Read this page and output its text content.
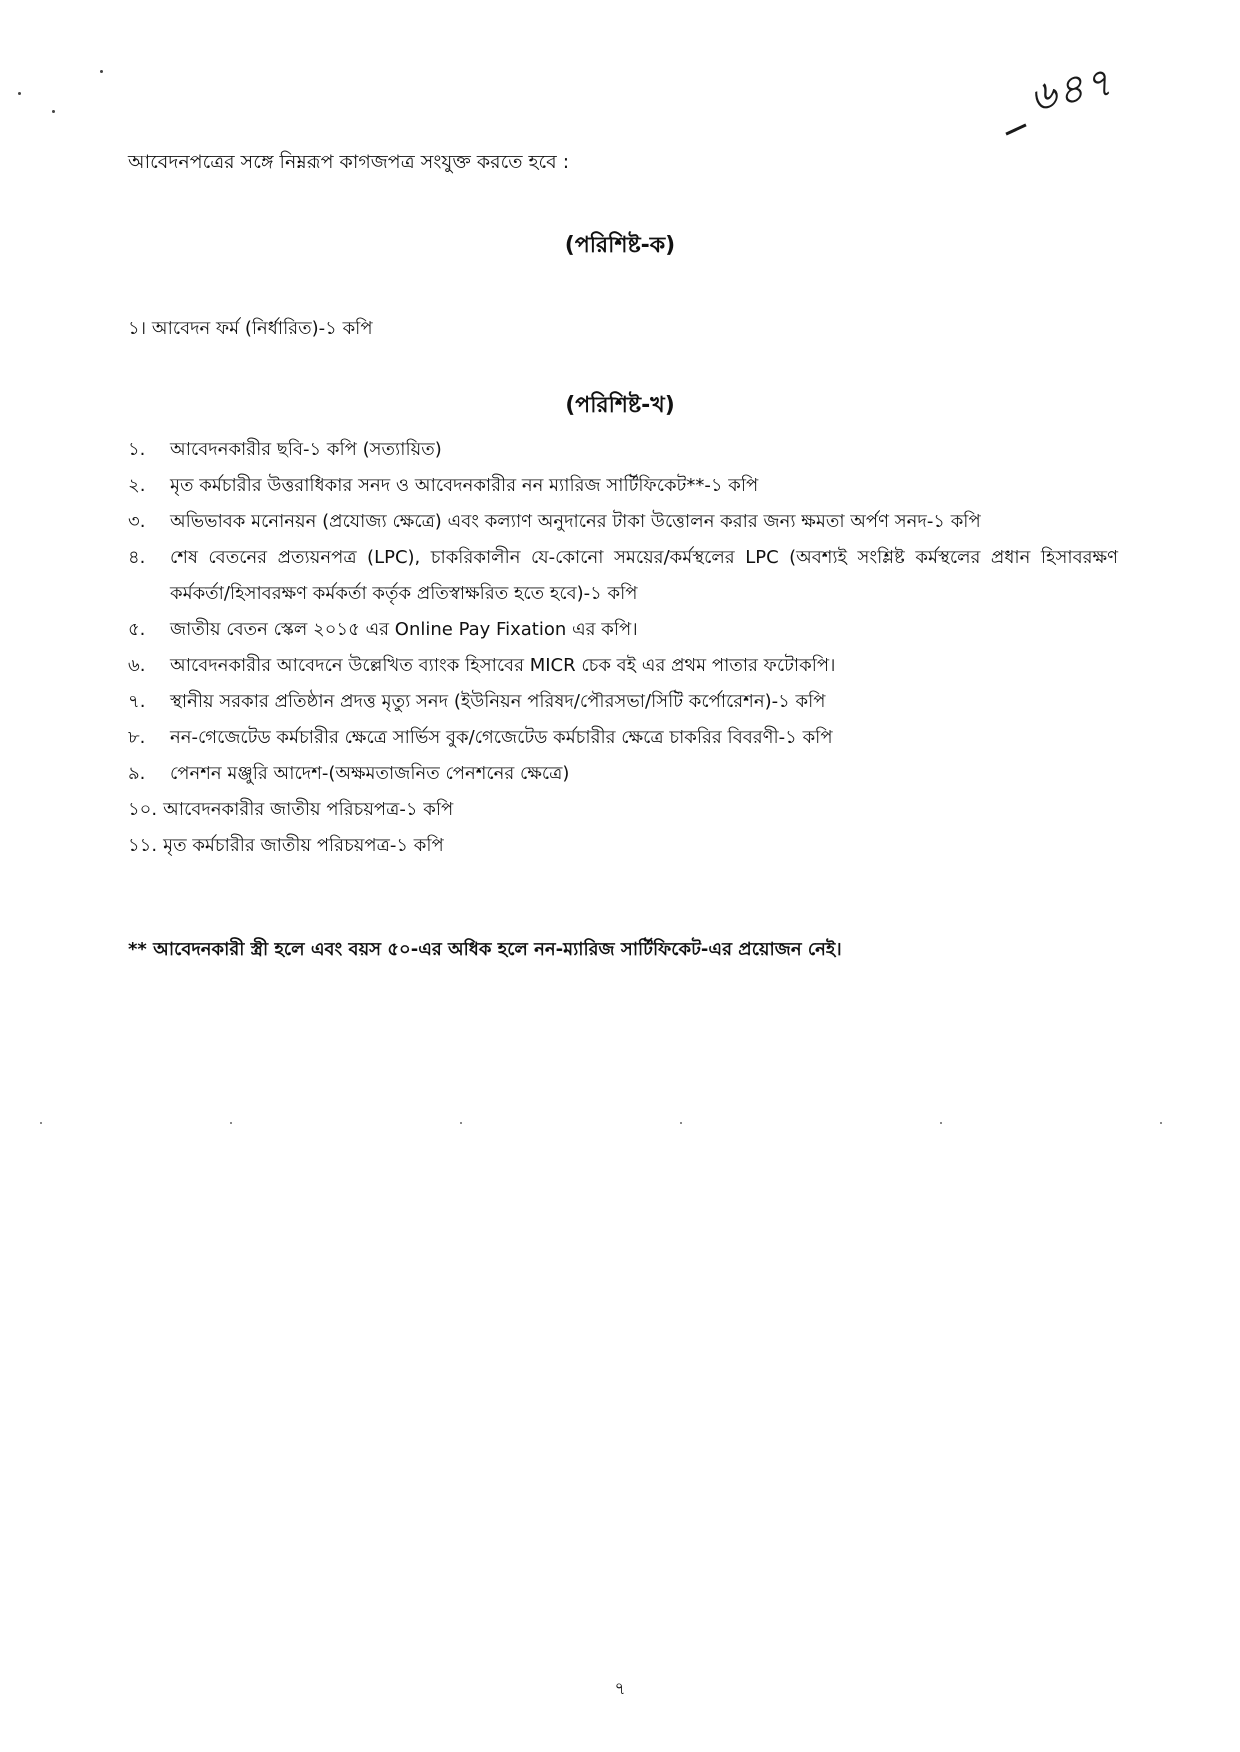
৬৪৭
আবেদনপত্রের সঙ্গে নিম্নরূপ কাগজপত্র সংযুক্ত করতে হবে :
(পরিশিষ্ট-ক)
১। আবেদন ফর্ম (নির্ধারিত)-১ কপি
(পরিশিষ্ট-খ)
১.	আবেদনকারীর ছবি-১ কপি (সত্যায়িত)
২.	মৃত কর্মচারীর উত্তরাধিকার সনদ ও আবেদনকারীর নন ম্যারিজ সার্টিফিকেট**-১ কপি
৩.	অভিভাবক মনোনয়ন (প্রযোজ্য ক্ষেত্রে) এবং কল্যাণ অনুদানের টাকা উত্তোলন করার জন্য ক্ষমতা অর্পণ সনদ-১ কপি
৪.	শেষ বেতনের প্রত্যয়নপত্র (LPC), চাকরিকালীন যে-কোনো সময়ের/কর্মস্থলের LPC (অবশ্যই সংশ্লিষ্ট কর্মস্থলের প্রধান হিসাবরক্ষণ কর্মকর্তা/হিসাবরক্ষণ কর্মকর্তা কর্তৃক প্রতিস্বাক্ষরিত হতে হবে)-১ কপি
৫.	জাতীয় বেতন স্কেল ২০১৫ এর Online Pay Fixation এর কপি।
৬.	আবেদনকারীর আবেদনে উল্লেখিত ব্যাংক হিসাবের MICR চেক বই এর প্রথম পাতার ফটোকপি।
৭.	স্থানীয় সরকার প্রতিষ্ঠান প্রদত্ত মৃত্যু সনদ (ইউনিয়ন পরিষদ/পৌরসভা/সিটি কর্পোরেশন)-১ কপি
৮.	নন-গেজেটেড কর্মচারীর ক্ষেত্রে সার্ভিস বুক/গেজেটেড কর্মচারীর ক্ষেত্রে চাকরির বিবরণী-১ কপি
৯.	পেনশন মঞ্জুরি আদেশ-(অক্ষমতাজনিত পেনশনের ক্ষেত্রে)
১০. আবেদনকারীর জাতীয় পরিচয়পত্র-১ কপি
১১. মৃত কর্মচারীর জাতীয় পরিচয়পত্র-১ কপি
** আবেদনকারী স্ত্রী হলে এবং বয়স ৫০-এর অধিক হলে নন-ম্যারিজ সার্টিফিকেট-এর প্রয়োজন নেই।
৭
